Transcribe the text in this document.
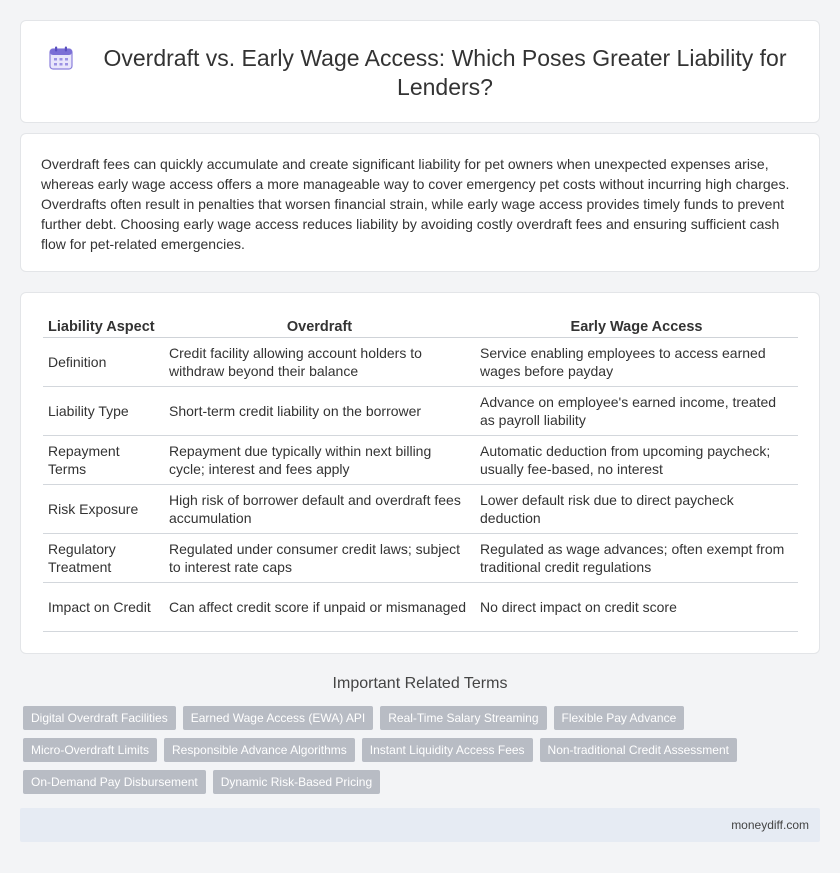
Overdraft vs. Early Wage Access: Which Poses Greater Liability for Lenders?

Overdraft fees can quickly accumulate and create significant liability for pet owners when unexpected expenses arise, whereas early wage access offers a more manageable way to cover emergency pet costs without incurring high charges. Overdrafts often result in penalties that worsen financial strain, while early wage access provides timely funds to prevent further debt. Choosing early wage access reduces liability by avoiding costly overdraft fees and ensuring sufficient cash flow for pet-related emergencies.

Liability Aspect	Overdraft	Early Wage Access
Definition	Credit facility allowing account holders to withdraw beyond their balance	Service enabling employees to access earned wages before payday
Liability Type	Short-term credit liability on the borrower	Advance on employee's earned income, treated as payroll liability
Repayment Terms	Repayment due typically within next billing cycle; interest and fees apply	Automatic deduction from upcoming paycheck; usually fee-based, no interest
Risk Exposure	High risk of borrower default and overdraft fees accumulation	Lower default risk due to direct paycheck deduction
Regulatory Treatment	Regulated under consumer credit laws; subject to interest rate caps	Regulated as wage advances; often exempt from traditional credit regulations
Impact on Credit	Can affect credit score if unpaid or mismanaged	No direct impact on credit score
Important Related Terms
Digital Overdraft Facilities	Earned Wage Access (EWA) API	Real-Time Salary Streaming	Flexible Pay Advance
Micro-Overdraft Limits	Responsible Advance Algorithms	Instant Liquidity Access Fees	Non-traditional Credit Assessment
On-Demand Pay Disbursement	Dynamic Risk-Based Pricing
moneydiff.com
